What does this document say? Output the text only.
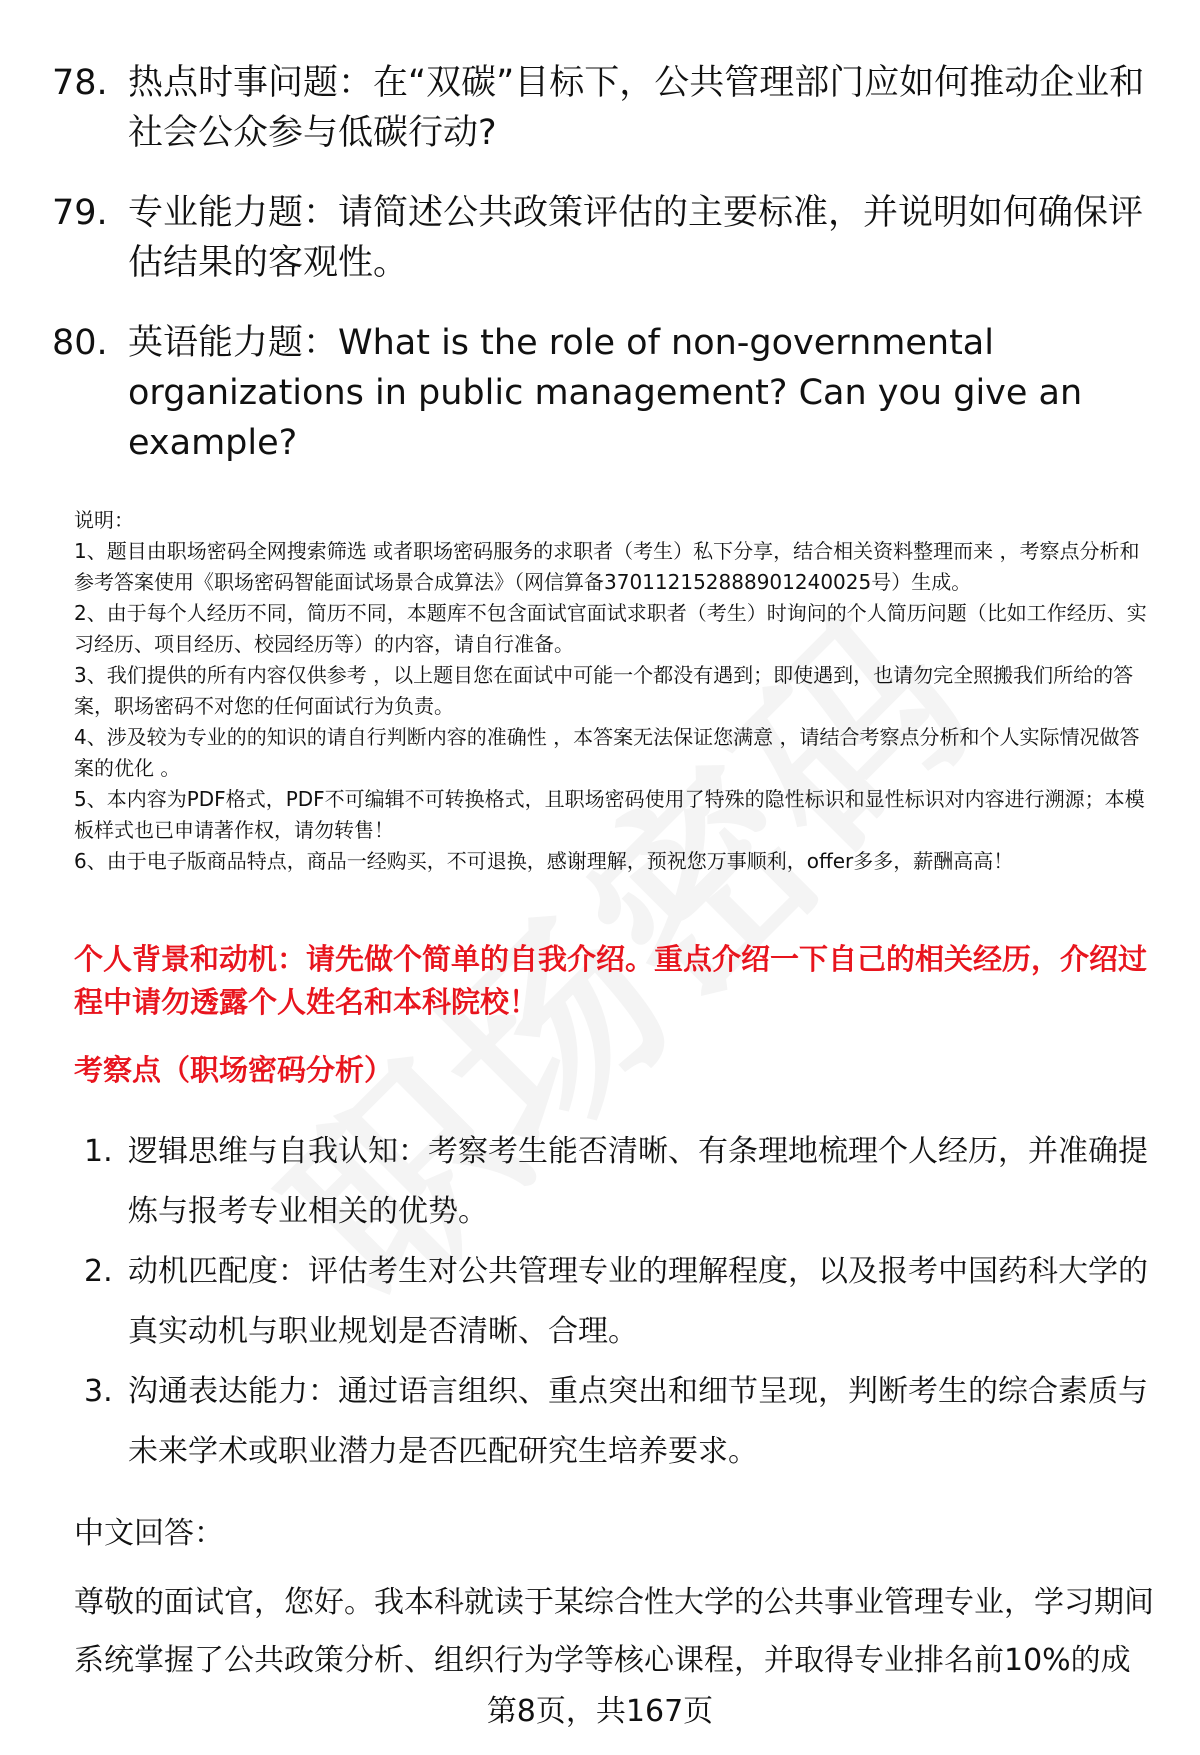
78. 热点时事问题：在“双碳”目标下，公共管理部门应如何推动企业和社会公众参与低碳行动?
79. 专业能力题：请简述公共政策评估的主要标准，并说明如何确保评估结果的客观性。
80. 英语能力题：What is the role of non-governmental organizations in public management? Can you give an example?

说明：

1、题目由职场密码全网搜索筛选 或者职场密码服务的求职者（考生）私下分享，结合相关资料整理而来 ，考察点分析和参考答案使用《职场密码智能面试场景合成算法》（网信算备370112152888901240025号）生成。

2、由于每个人经历不同，简历不同，本题库不包含面试官面试求职者（考生）时询问的个人简历问题（比如工作经历、实习经历、项目经历、校园经历等）的内容，请自行准备。

3、我们提供的所有内容仅供参考 ，以上题目您在面试中可能一个都没有遇到；即使遇到，也请勿完全照搬我们所给的答案，职场密码不对您的任何面试行为负责。

4、涉及较为专业的的知识的请自行判断内容的准确性 ，本答案无法保证您满意 ，请结合考察点分析和个人实际情况做答案的优化 。

5、本内容为PDF格式，PDF不可编辑不可转换格式，且职场密码使用了特殊的隐性标识和显性标识对内容进行溯源；本模板样式也已申请著作权，请勿转售！

6、由于电子版商品特点，商品一经购买，不可退换，感谢理解，预祝您万事顺利，offer多多，薪酬高高！

个人背景和动机：请先做个简单的自我介绍。重点介绍一下自己的相关经历，介绍过程中请勿透露个人姓名和本科院校！
考察点（职场密码分析）
1. 逻辑思维与自我认知：考察考生能否清晰、有条理地梳理个人经历，并准确提炼与报考专业相关的优势。
2. 动机匹配度：评估考生对公共管理专业的理解程度，以及报考中国药科大学的真实动机与职业规划是否清晰、合理。
3. 沟通表达能力：通过语言组织、重点突出和细节呈现，判断考生的综合素质与未来学术或职业潜力是否匹配研究生培养要求。
中文回答：
尊敬的面试官，您好。我本科就读于某综合性大学的公共事业管理专业，学习期间系统掌握了公共政策分析、组织行为学等核心课程，并取得专业排名前10%的成
第8页，共167页
